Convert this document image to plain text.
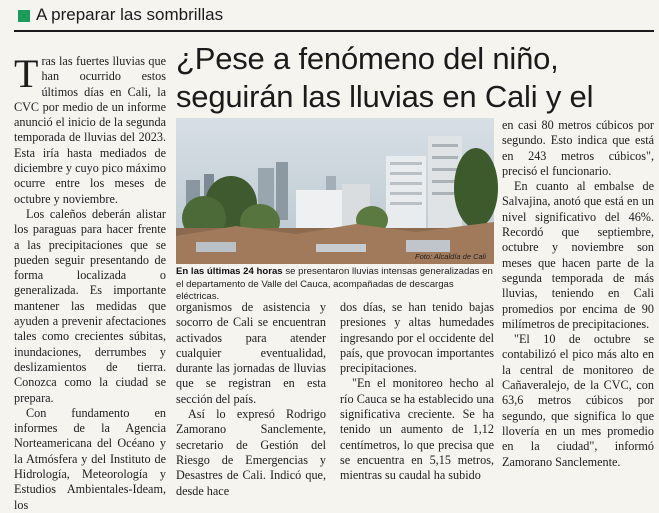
A preparar las sombrillas
¿Pese a fenómeno del niño,
seguirán las lluvias en Cali y el

Tras las fuertes lluvias que han ocurrido estos últimos días en Cali, la CVC por medio de un informe anunció el inicio de la segunda temporada de lluvias del 2023. Esta iría hasta mediados de diciembre y cuyo pico máximo ocurre entre los meses de octubre y noviembre.

Los caleños deberán alistar los paraguas para hacer frente a las precipitaciones que se pueden seguir presentando de forma localizada o generalizada. Es importante mantener las medidas que ayuden a prevenir afectaciones tales como crecientes súbitas, inundaciones, derrumbes y deslizamientos de tierra. Conozca como la ciudad se prepara.

Con fundamento en informes de la Agencia Norteamericana del Océano y la Atmósfera y del Instituto de Hidrología, Meteorología y Estudios Ambientales-Ideam, los

Foto: Alcaldía de Cali
En las últimas 24 horas se presentaron lluvias intensas generalizadas en el departamento de Valle del Cauca, acompañadas de descargas eléctricas.

organismos de asistencia y socorro de Cali se encuentran activados para atender cualquier eventualidad, durante las jornadas de lluvias que se registran en esta sección del país.

Así lo expresó Rodrigo Zamorano Sanclemente, secretario de Gestión del Riesgo de Emergencias y Desastres de Cali. Indicó que, desde hace

dos días, se han tenido bajas presiones y altas humedades ingresando por el occidente del país, que provocan importantes precipitaciones.

"En el monitoreo hecho al río Cauca se ha establecido una significativa creciente. Se ha tenido un aumento de 1,12 centímetros, lo que precisa que se encuentra en 5,15 metros, mientras su caudal ha subido

en casi 80 metros cúbicos por segundo. Esto indica que está en 243 metros cúbicos", precisó el funcionario.

En cuanto al embalse de Salvajina, anotó que está en un nivel significativo del 46%. Recordó que septiembre, octubre y noviembre son meses que hacen parte de la segunda temporada de más lluvias, teniendo en Cali promedios por encima de 90 milímetros de precipitaciones.

"El 10 de octubre se contabilizó el pico más alto en la central de monitoreo de Cañaveralejo, de la CVC, con 63,6 metros cúbicos por segundo, que significa lo que llovería en un mes promedio en la ciudad", informó Zamorano Sanclemente.
